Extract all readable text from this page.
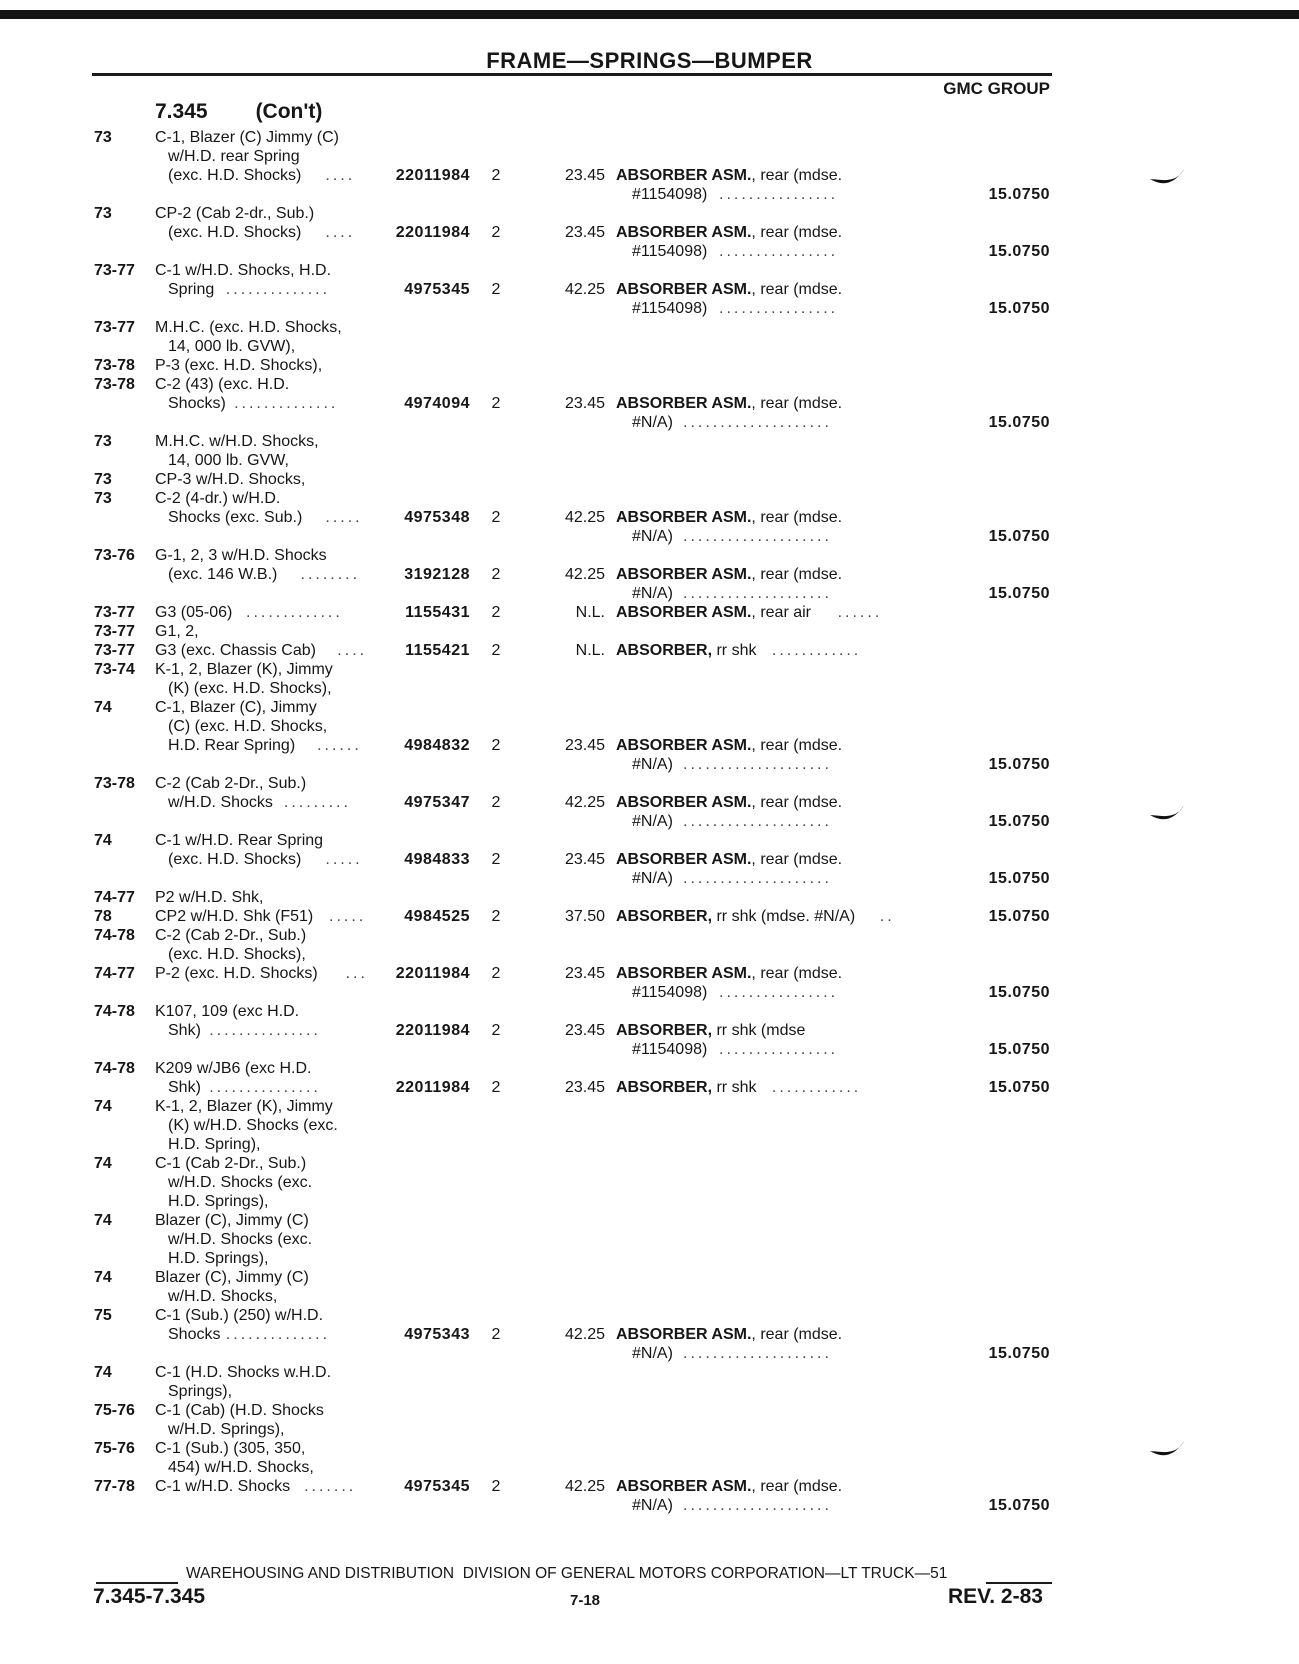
FRAME—SPRINGS—BUMPER
GMC GROUP
7.345 (Con't)
73	C-1, Blazer (C) Jimmy (C)
w/H.D. rear Spring
(exc. H.D. Shocks) ....	22011984 2	23.45 ABSORBER ASM., rear (mdse.
#1154098) ................	15.0750
73	CP-2 (Cab 2-dr., Sub.)
(exc. H.D. Shocks) ....	22011984 2	23.45 ABSORBER ASM., rear (mdse.
#1154098) ................	15.0750
73-77 C-1 w/H.D. Shocks, H.D.
Spring ..............	4975345 2	42.25 ABSORBER ASM., rear (mdse.
#1154098) ................	15.0750
73-77 M.H.C. (exc. H.D. Shocks,
14, 000 lb. GVW),
73-78 P-3 (exc. H.D. Shocks),
73-78 C-2 (43) (exc. H.D.
Shocks) ..............	4974094 2	23.45 ABSORBER ASM., rear (mdse.
#N/A) ....................	15.0750
73	M.H.C. w/H.D. Shocks,
14, 000 lb. GVW,
73	CP-3 w/H.D. Shocks,
73	C-2 (4-dr.) w/H.D.
Shocks (exc. Sub.) .....	4975348 2	42.25 ABSORBER ASM., rear (mdse.
#N/A) ....................	15.0750
73-76 G-1, 2, 3 w/H.D. Shocks
(exc. 146 W.B.) ........	3192128 2	42.25 ABSORBER ASM., rear (mdse.
#N/A) ....................	15.0750
73-77 G3 (05-06) .............	1155431 2	N.L. ABSORBER ASM., rear air ......
73-77 G1, 2,
73-77 G3 (exc. Chassis Cab) ....	1155421 2	N.L. ABSORBER, rr shk ............
73-74 K-1, 2, Blazer (K), Jimmy
(K) (exc. H.D. Shocks),
74	C-1, Blazer (C), Jimmy
(C) (exc. H.D. Shocks,
H.D. Rear Spring) ......	4984832 2	23.45 ABSORBER ASM., rear (mdse.
#N/A) ....................	15.0750
73-78 C-2 (Cab 2-Dr., Sub.)
w/H.D. Shocks .........	4975347 2	42.25 ABSORBER ASM., rear (mdse.
#N/A) ....................	15.0750
74	C-1 w/H.D. Rear Spring
(exc. H.D. Shocks) .....	4984833 2	23.45 ABSORBER ASM., rear (mdse.
#N/A) ....................	15.0750
74-77 P2 w/H.D. Shk,
78	CP2 w/H.D. Shk (F51) .....	4984525 2	37.50 ABSORBER, rr shk (mdse. #N/A) ..	15.0750
74-78 C-2 (Cab 2-Dr., Sub.)
(exc. H.D. Shocks),
74-77 P-2 (exc. H.D. Shocks) ...	22011984 2	23.45 ABSORBER ASM., rear (mdse.
#1154098) ................	15.0750
74-78 K107, 109 (exc H.D.
Shk) ...............	22011984 2	23.45 ABSORBER, rr shk (mdse
#1154098) ................	15.0750
74-78 K209 w/JB6 (exc H.D.
Shk) ...............	22011984 2	23.45 ABSORBER, rr shk ............	15.0750
74	K-1, 2, Blazer (K), Jimmy
(K) w/H.D. Shocks (exc.
H.D. Spring),
74	C-1 (Cab 2-Dr., Sub.)
w/H.D. Shocks (exc.
H.D. Springs),
74	Blazer (C), Jimmy (C)
w/H.D. Shocks (exc.
H.D. Springs),
74	Blazer (C), Jimmy (C)
w/H.D. Shocks,
75	C-1 (Sub.) (250) w/H.D.
Shocks ..............	4975343 2	42.25 ABSORBER ASM., rear (mdse.
#N/A) ....................	15.0750
74	C-1 (H.D. Shocks w.H.D.
Springs),
75-76 C-1 (Cab) (H.D. Shocks
w/H.D. Springs),
75-76 C-1 (Sub.) (305, 350,
454) w/H.D. Shocks,
77-78 C-1 w/H.D. Shocks .......	4975345 2	42.25 ABSORBER ASM., rear (mdse.
#N/A) ....................	15.0750
WAREHOUSING AND DISTRIBUTION  DIVISION OF GENERAL MOTORS CORPORATION—LT TRUCK—51
7.345-7.345	7-18	REV. 2-83
